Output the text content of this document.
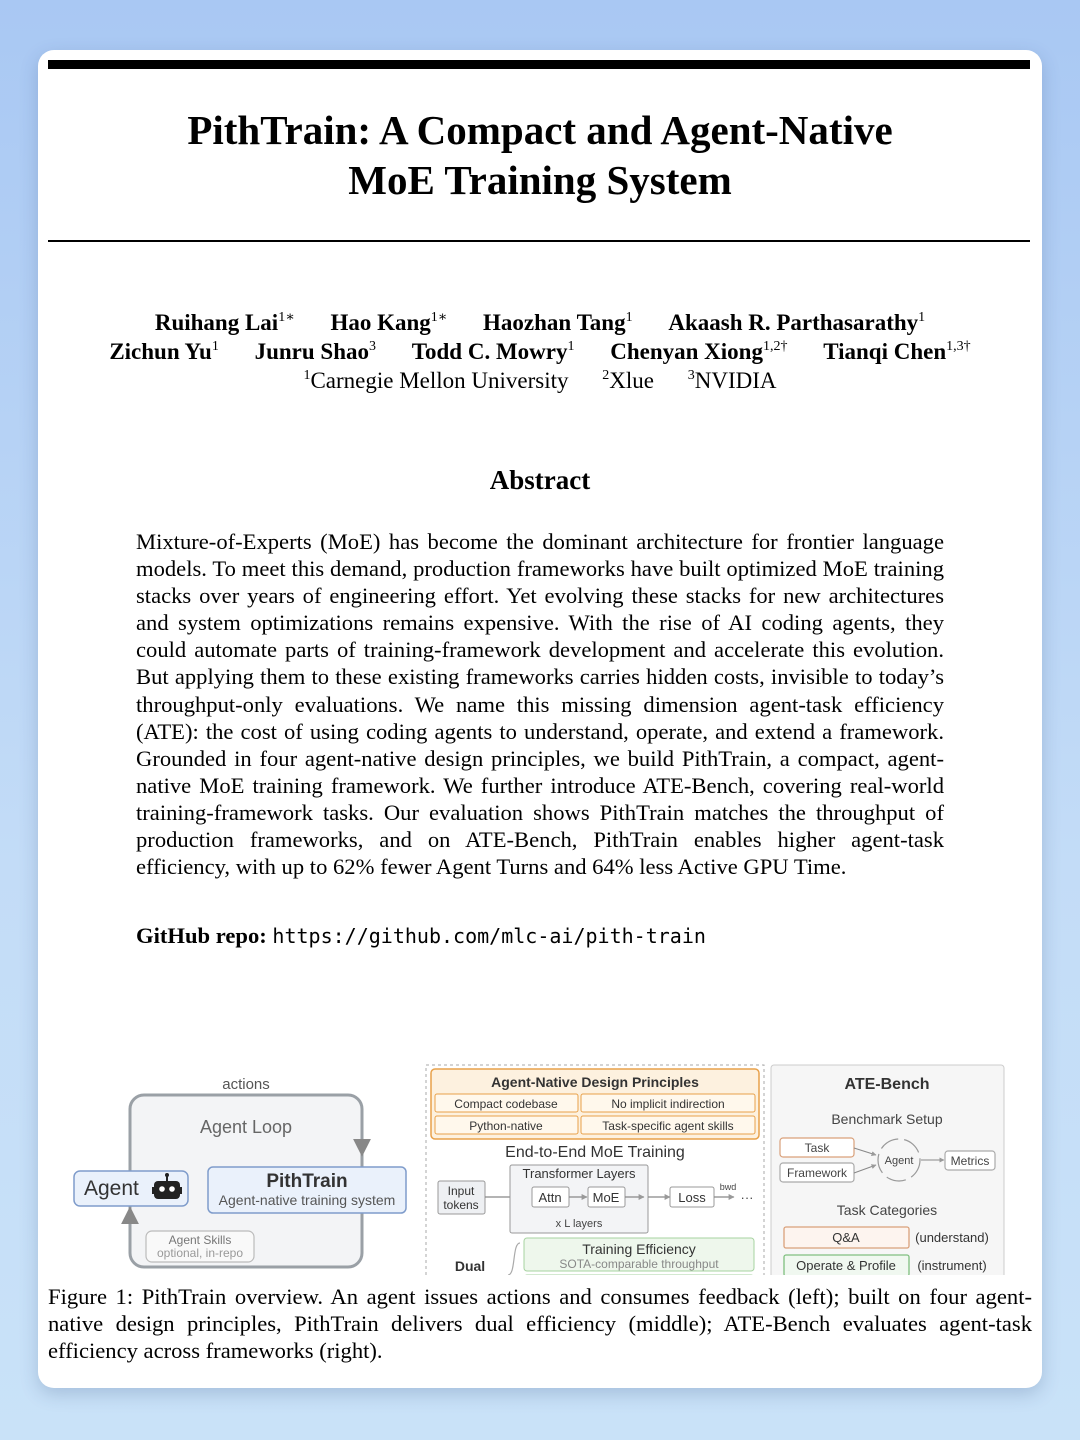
PithTrain: A Compact and Agent-Native
MoE Training System
Ruihang Lai$^{1∗}$ Hao Kang$^{1∗}$ Haozhan Tang$^1$ Akaash R. Parthasarathy$^1$
Zichun Yu$^1$ Junru Shao$^3$ Todd C. Mowry$^1$ Chenyan Xiong$^{1,2\dagger}$ Tianqi Chen$^{1,3\dagger}$
$^1$Carnegie Mellon University $^2$Xlue $^3$NVIDIA
Abstract
Mixture-of-Experts (MoE) has become the dominant architecture for frontier language models. To meet this demand, production frameworks have built optimized MoE training stacks over years of engineering effort. Yet evolving these stacks for new architectures and system optimizations remains expensive. With the rise of AI coding agents, they could automate parts of training-framework development and accelerate this evolution. But applying them to these existing frameworks carries hidden costs, invisible to today’s throughput-only evaluations. We name this missing dimension agent-task efficiency (ATE): the cost of using coding agents to understand, operate, and extend a framework. Grounded in four agent-native design principles, we build PithTrain, a compact, agent-native MoE training framework. We further introduce ATE-Bench, covering real-world training-framework tasks. Our evaluation shows PithTrain matches the throughput of production frameworks, and on ATE-Bench, PithTrain enables higher agent-task efficiency, with up to 62% fewer Agent Turns and 64% less Active GPU Time.
GitHub repo: https://github.com/mlc-ai/pith-train
actions
Agent Loop
Agent	PithTrain
Agent-native training system
Agent Skills
optional, in-repo
Agent-Native Design Principles
Compact codebase	No implicit indirection
Python-native	Task-specific agent skills
End-to-End MoE Training
Input
tokens
Transformer Layers
Attn MoE
x L layers
Loss
bwd
···
Dual
Training Efficiency
SOTA-comparable throughput
ATE-Bench
Benchmark Setup
Task
Framework
Agent	Metrics
Task Categories
Q&A	(understand)
Operate & Profile (instrument)
Figure 1: PithTrain overview. An agent issues actions and consumes feedback (left); built on four agent-native design principles, PithTrain delivers dual efficiency (middle); ATE-Bench evaluates agent-task efficiency across frameworks (right).
